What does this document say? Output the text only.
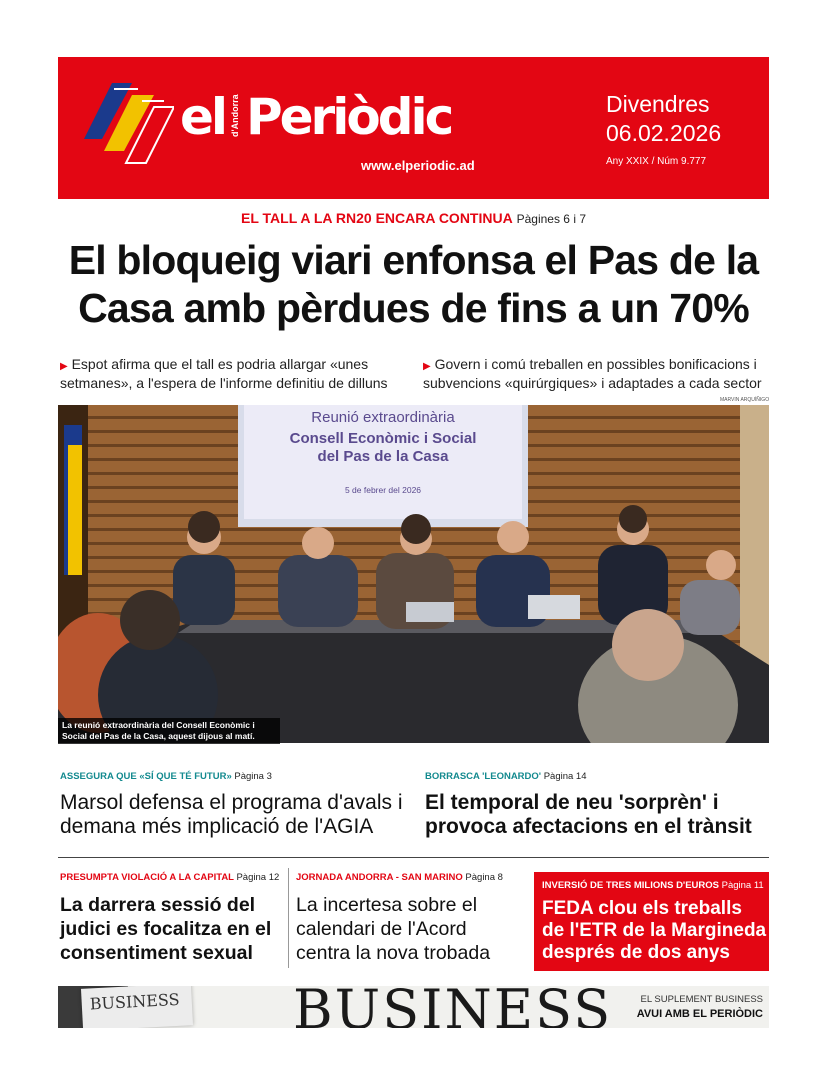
el d'Andorra Periòdic
www.elperiodic.ad
Divendres
06.02.2026
Any XXIX / Núm 9.777
EL TALL A LA RN20 ENCARA CONTINUA Pàgines 6 i 7
El bloqueig viari enfonsa el Pas de la Casa amb pèrdues de fins a un 70%
▶ Espot afirma que el tall es podria allargar «unes setmanes», a l'espera de l'informe definitiu de dilluns
▶ Govern i comú treballen en possibles bonificacions i subvencions «quirúrgiques» i adaptades a cada sector
MARVIN ARQUÍÑIGO
Reunió extraordinària
Consell Econòmic i Social
del Pas de la Casa
5 de febrer del 2026
La reunió extraordinària del Consell Econòmic i Social del Pas de la Casa, aquest dijous al matí.
ASSEGURA QUE «SÍ QUE TÉ FUTUR» Pàgina 3
Marsol defensa el programa d'avals i demana més implicació de l'AGIA
BORRASCA 'LEONARDO' Pàgina 14
El temporal de neu 'sorprèn' i provoca afectacions en el trànsit
PRESUMPTA VIOLACIÓ A LA CAPITAL Pàgina 12
La darrera sessió del judici es focalitza en el consentiment sexual
JORNADA ANDORRA - SAN MARINO Pàgina 8
La incertesa sobre el calendari de l'Acord centra la nova trobada
INVERSIÓ DE TRES MILIONS D'EUROS Pàgina 11
FEDA clou els treballs de l'ETR de la Margineda després de dos anys
BUSINESS BUSINESS	EL SUPLEMENT BUSINESS
AVUI AMB EL PERIÒDIC
